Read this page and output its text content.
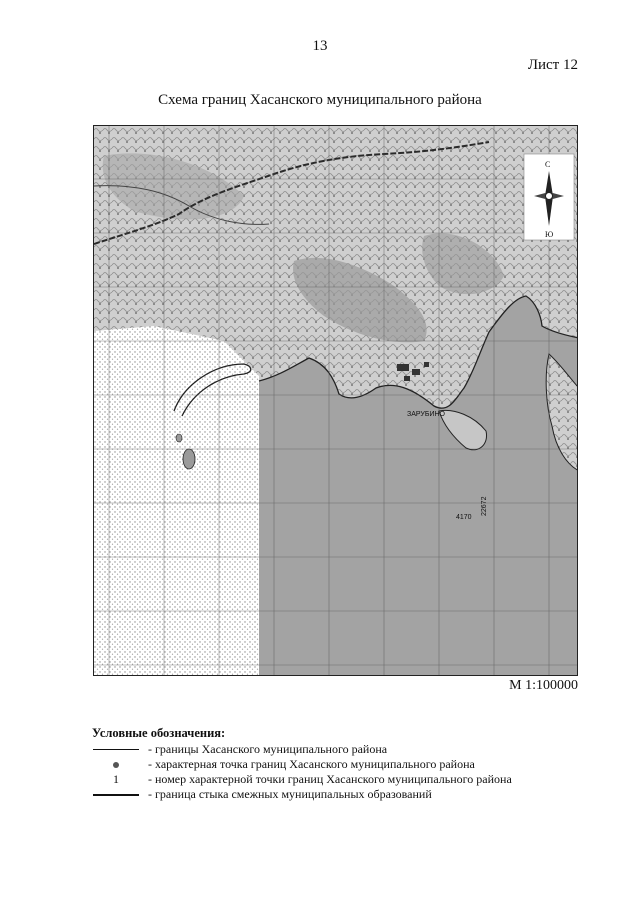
13
Лист 12
Схема границ Хасанского муниципального района
ЗАРУБИНО
4170
22672
С
Ю
М 1:100000
Условные обозначения:
- границы Хасанского муниципального района
- характерная точка границ Хасанского муниципального района
1 - номер характерной точки границ Хасанского муниципального района
- граница стыка смежных муниципальных образований
